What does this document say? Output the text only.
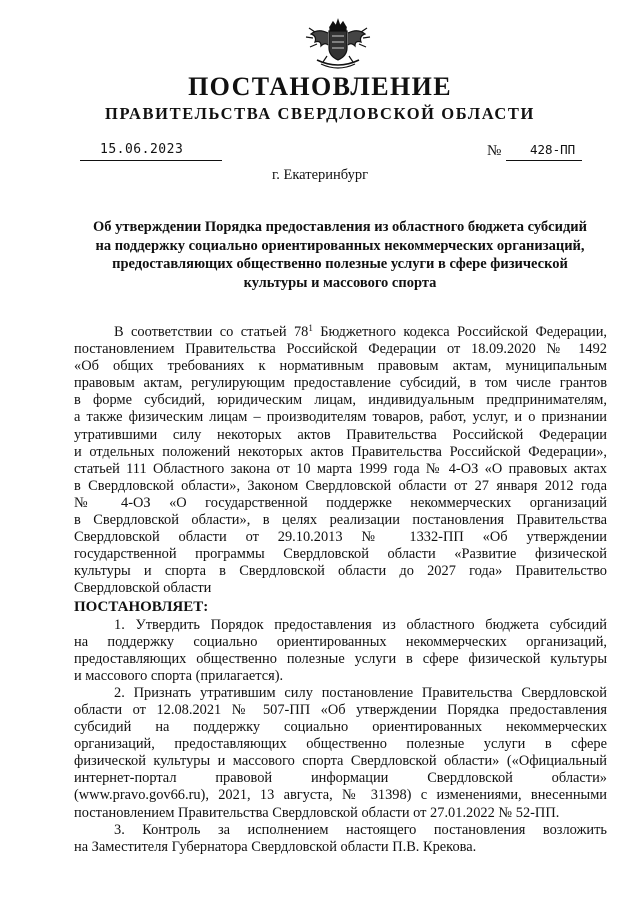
ПОСТАНОВЛЕНИЕ
ПРАВИТЕЛЬСТВА СВЕРДЛОВСКОЙ ОБЛАСТИ
15.06.2023	№ 428-ПП
г. Екатеринбург
Об утверждении Порядка предоставления из областного бюджета субсидий
на поддержку социально ориентированных некоммерческих организаций,
предоставляющих общественно полезные услуги в сфере физической
культуры и массового спорта
В соответствии со статьей $78^1$ Бюджетного кодекса Российской Федерации,
постановлением Правительства Российской Федерации от 18.09.2020 № 1492
«Об общих требованиях к нормативным правовым актам, муниципальным
правовым актам, регулирующим предоставление субсидий, в том числе грантов
в форме субсидий, юридическим лицам, индивидуальным предпринимателям,
а также физическим лицам – производителям товаров, работ, услуг, и о признании
утратившими силу некоторых актов Правительства Российской Федерации
и отдельных положений некоторых актов Правительства Российской Федерации»,
статьей 111 Областного закона от 10 марта 1999 года № 4-ОЗ «О правовых актах
в Свердловской области», Законом Свердловской области от 27 января 2012 года
№ 4-ОЗ «О государственной поддержке некоммерческих организаций
в Свердловской области», в целях реализации постановления Правительства
Свердловской области от 29.10.2013 № 1332-ПП «Об утверждении
государственной программы Свердловской области «Развитие физической
культуры и спорта в Свердловской области до 2027 года» Правительство
Свердловской области
ПОСТАНОВЛЯЕТ:
1. Утвердить Порядок предоставления из областного бюджета субсидий
на поддержку социально ориентированных некоммерческих организаций,
предоставляющих общественно полезные услуги в сфере физической культуры
и массового спорта (прилагается).
2. Признать утратившим силу постановление Правительства Свердловской
области от 12.08.2021 № 507-ПП «Об утверждении Порядка предоставления
субсидий на поддержку социально ориентированных некоммерческих
организаций, предоставляющих общественно полезные услуги в сфере
физической культуры и массового спорта Свердловской области» («Официальный
интернет-портал правовой информации Свердловской области»
(www.pravo.gov66.ru), 2021, 13 августа, № 31398) с изменениями, внесенными
постановлением Правительства Свердловской области от 27.01.2022 № 52-ПП.
3. Контроль за исполнением настоящего постановления возложить
на Заместителя Губернатора Свердловской области П.В. Крекова.
